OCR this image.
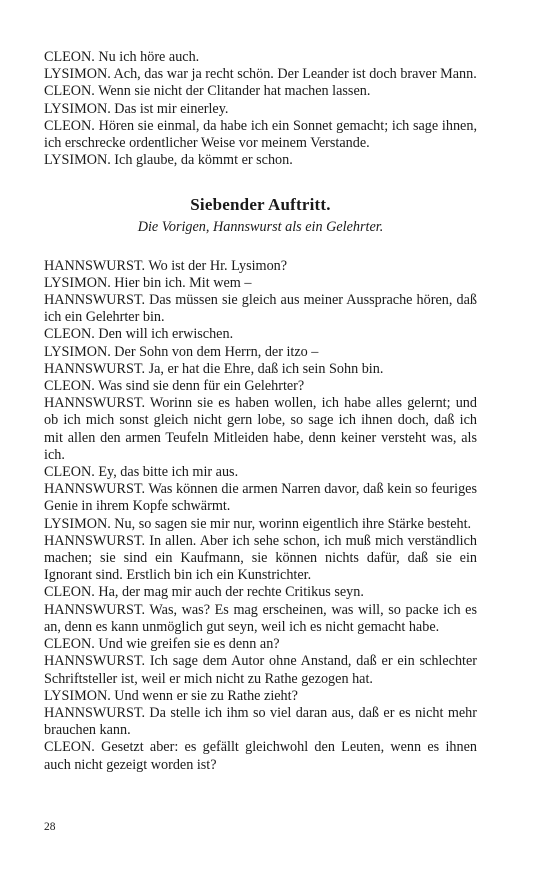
CLEON. Nu ich höre auch.

LYSIMON. Ach, das war ja recht schön. Der Leander ist doch braver Mann.

CLEON. Wenn sie nicht der Clitander hat machen lassen.

LYSIMON. Das ist mir einerley.

CLEON. Hören sie einmal, da habe ich ein Sonnet gemacht; ich sage ihnen, ich erschrecke ordentlicher Weise vor meinem Verstande.

LYSIMON. Ich glaube, da kömmt er schon.

Siebender Auftritt.

Die Vorigen, Hannswurst als ein Gelehrter.

HANNSWURST. Wo ist der Hr. Lysimon?

LYSIMON. Hier bin ich. Mit wem –

HANNSWURST. Das müssen sie gleich aus meiner Aussprache hören, daß ich ein Gelehrter bin.

CLEON. Den will ich erwischen.

LYSIMON. Der Sohn von dem Herrn, der itzo –

HANNSWURST. Ja, er hat die Ehre, daß ich sein Sohn bin.

CLEON. Was sind sie denn für ein Gelehrter?

HANNSWURST. Worinn sie es haben wollen, ich habe alles gelernt; und ob ich mich sonst gleich nicht gern lobe, so sage ich ihnen doch, daß ich mit allen den armen Teufeln Mitleiden habe, denn keiner versteht was, als ich.

CLEON. Ey, das bitte ich mir aus.

HANNSWURST. Was können die armen Narren davor, daß kein so feuriges Genie in ihrem Kopfe schwärmt.

LYSIMON. Nu, so sagen sie mir nur, worinn eigentlich ihre Stärke besteht.

HANNSWURST. In allen. Aber ich sehe schon, ich muß mich verständlich machen; sie sind ein Kaufmann, sie können nichts dafür, daß sie ein Ignorant sind. Erstlich bin ich ein Kunstrichter.

CLEON. Ha, der mag mir auch der rechte Critikus seyn.

HANNSWURST. Was, was? Es mag erscheinen, was will, so packe ich es an, denn es kann unmöglich gut seyn, weil ich es nicht gemacht habe.

CLEON. Und wie greifen sie es denn an?

HANNSWURST. Ich sage dem Autor ohne Anstand, daß er ein schlechter Schriftsteller ist, weil er mich nicht zu Rathe gezogen hat.

LYSIMON. Und wenn er sie zu Rathe zieht?

HANNSWURST. Da stelle ich ihm so viel daran aus, daß er es nicht mehr brauchen kann.

CLEON. Gesetzt aber: es gefällt gleichwohl den Leuten, wenn es ihnen auch nicht gezeigt worden ist?

28
